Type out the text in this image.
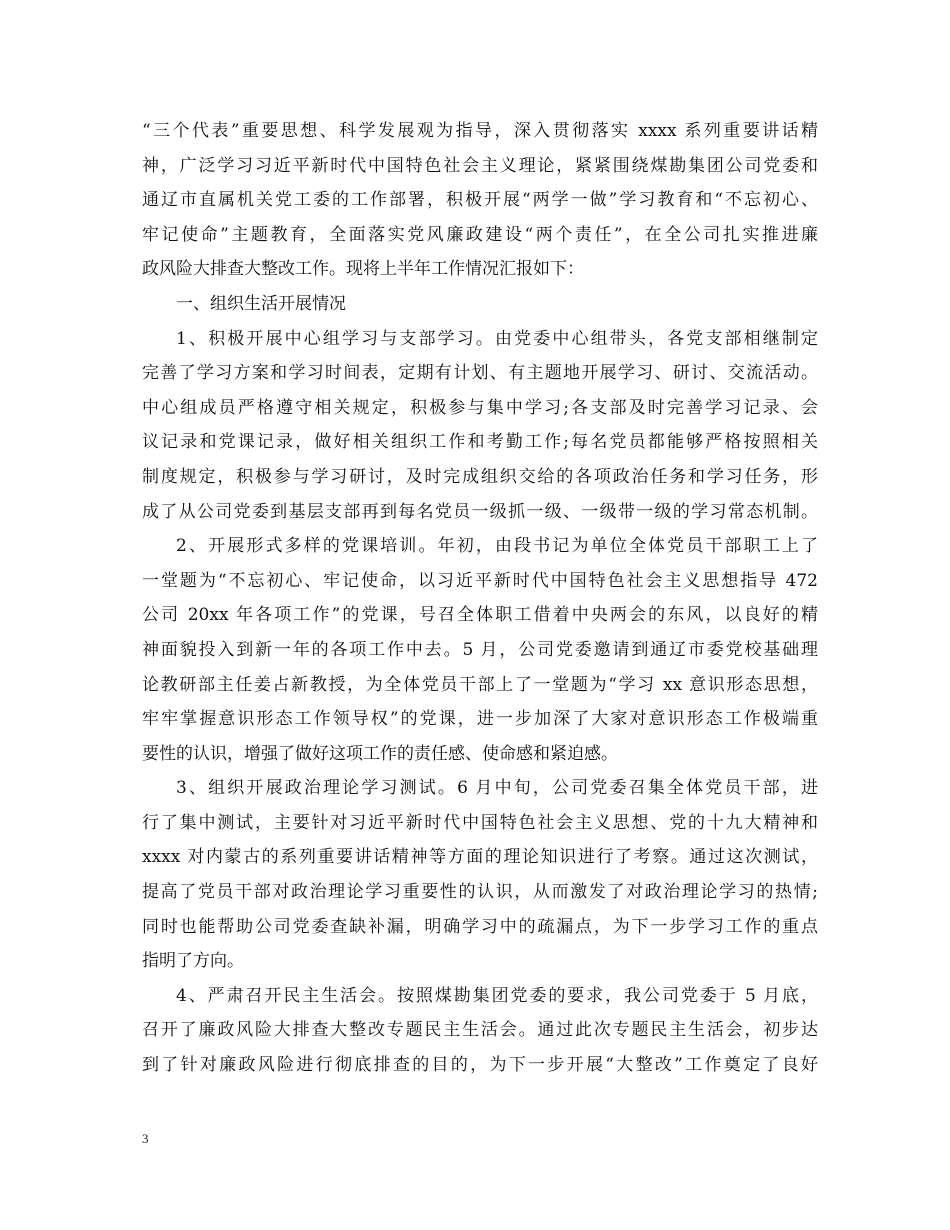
“三个代表”重要思想、科学发展观为指导，深入贯彻落实 xxxx 系列重要讲话精
神，广泛学习习近平新时代中国特色社会主义理论，紧紧围绕煤勘集团公司党委和
通辽市直属机关党工委的工作部署，积极开展“两学一做”学习教育和“不忘初心、
牢记使命”主题教育，全面落实党风廉政建设“两个责任”，在全公司扎实推进廉
政风险大排查大整改工作。现将上半年工作情况汇报如下：
一、组织生活开展情况
1、积极开展中心组学习与支部学习。由党委中心组带头，各党支部相继制定
完善了学习方案和学习时间表，定期有计划、有主题地开展学习、研讨、交流活动。
中心组成员严格遵守相关规定，积极参与集中学习;各支部及时完善学习记录、会
议记录和党课记录，做好相关组织工作和考勤工作;每名党员都能够严格按照相关
制度规定，积极参与学习研讨，及时完成组织交给的各项政治任务和学习任务，形
成了从公司党委到基层支部再到每名党员一级抓一级、一级带一级的学习常态机制。
2、开展形式多样的党课培训。年初，由段书记为单位全体党员干部职工上了
一堂题为“不忘初心、牢记使命，以习近平新时代中国特色社会主义思想指导 472
公司 20xx 年各项工作”的党课，号召全体职工借着中央两会的东风，以良好的精
神面貌投入到新一年的各项工作中去。5 月，公司党委邀请到通辽市委党校基础理
论教研部主任姜占新教授，为全体党员干部上了一堂题为“学习 xx 意识形态思想，
牢牢掌握意识形态工作领导权”的党课，进一步加深了大家对意识形态工作极端重
要性的认识，增强了做好这项工作的责任感、使命感和紧迫感。
3、组织开展政治理论学习测试。6 月中旬，公司党委召集全体党员干部，进
行了集中测试，主要针对习近平新时代中国特色社会主义思想、党的十九大精神和
xxxx 对内蒙古的系列重要讲话精神等方面的理论知识进行了考察。通过这次测试，
提高了党员干部对政治理论学习重要性的认识，从而激发了对政治理论学习的热情;
同时也能帮助公司党委查缺补漏，明确学习中的疏漏点，为下一步学习工作的重点
指明了方向。
4、严肃召开民主生活会。按照煤勘集团党委的要求，我公司党委于 5 月底，
召开了廉政风险大排查大整改专题民主生活会。通过此次专题民主生活会，初步达
到了针对廉政风险进行彻底排查的目的，为下一步开展“大整改”工作奠定了良好
3
